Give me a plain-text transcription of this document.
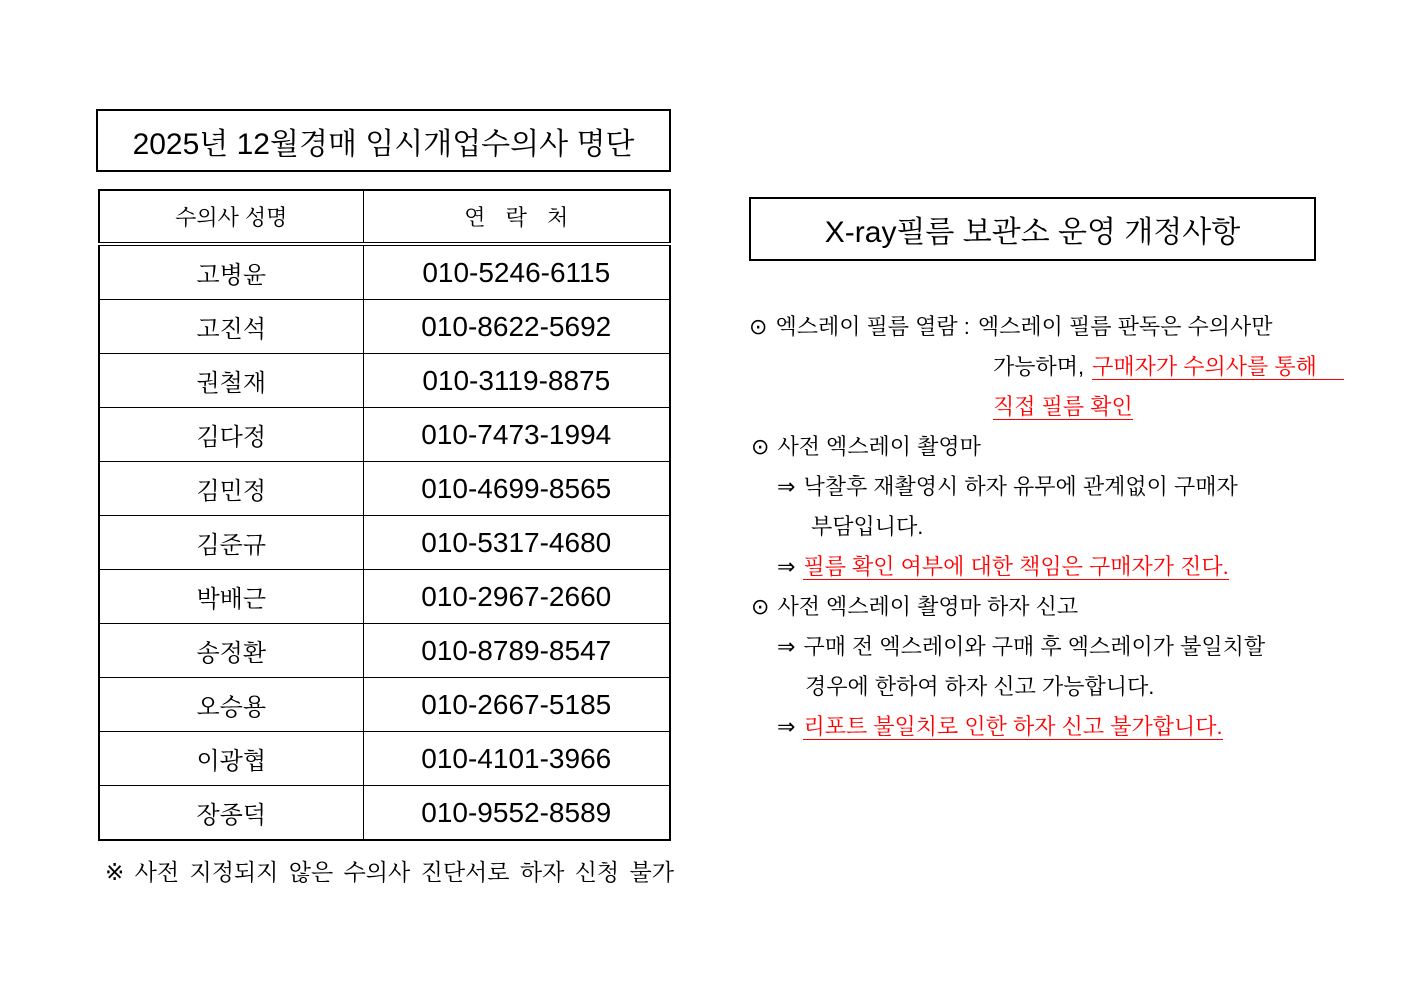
2025년 12월경매 임시개업수의사 명단
수의사 성명	연 락 처
고병윤	010-5246-6115
고진석	010-8622-5692
권철재	010-3119-8875
김다정	010-7473-1994
김민정	010-4699-8565
김준규	010-5317-4680
박배근	010-2967-2660
송정환	010-8789-8547
오승용	010-2667-5185
이광협	010-4101-3966
장종덕	010-9552-8589
※ 사전 지정되지 않은 수의사 진단서로 하자 신청 불가
X-ray필름 보관소 운영 개정사항
⊙ 엑스레이 필름 열람 : 엑스레이 필름 판독은 수의사만
가능하며, 구매자가 수의사를 통해
직접 필름 확인
⊙ 사전 엑스레이 촬영마
⇒ 낙찰후 재촬영시 하자 유무에 관계없이 구매자
부담입니다.
⇒ 필름 확인 여부에 대한 책임은 구매자가 진다.
⊙ 사전 엑스레이 촬영마 하자 신고
⇒ 구매 전 엑스레이와 구매 후 엑스레이가 불일치할
경우에 한하여 하자 신고 가능합니다.
⇒ 리포트 불일치로 인한 하자 신고 불가합니다.
